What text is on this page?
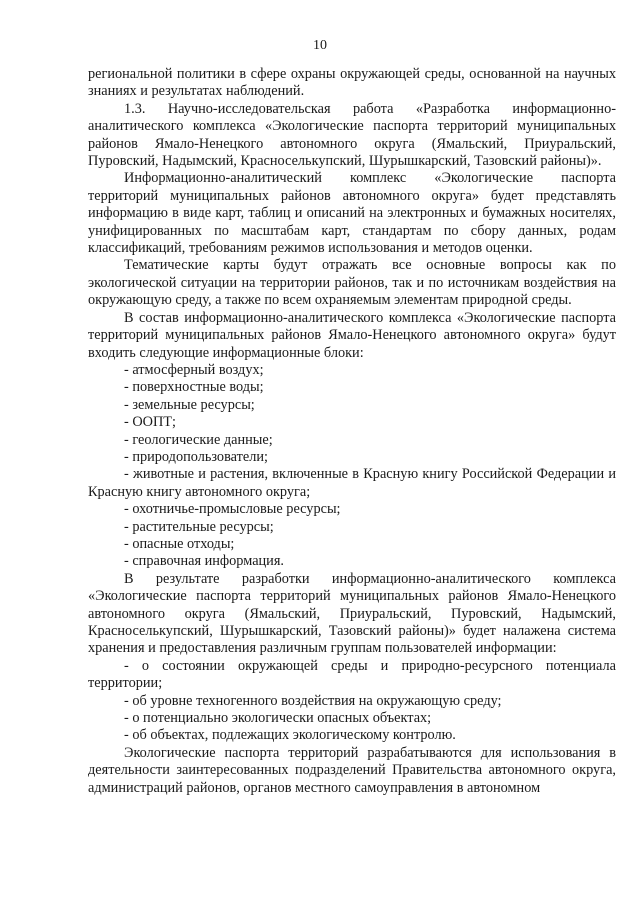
10

региональной политики в сфере охраны окружающей среды, основанной на научных знаниях и результатах наблюдений.

1.3. Научно-исследовательская работа «Разработка информационно-аналитического комплекса «Экологические паспорта территорий муниципальных районов Ямало-Ненецкого автономного округа (Ямальский, Приуральский, Пуровский, Надымский, Красноселькупский, Шурышкарский, Тазовский районы)».

Информационно-аналитический комплекс «Экологические паспорта территорий муниципальных районов автономного округа» будет представлять информацию в виде карт, таблиц и описаний на электронных и бумажных носителях, унифицированных по масштабам карт, стандартам по сбору данных, родам классификаций, требованиям режимов использования и методов оценки.

Тематические карты будут отражать все основные вопросы как по экологической ситуации на территории районов, так и по источникам воздействия на окружающую среду, а также по всем охраняемым элементам природной среды.

В состав информационно-аналитического комплекса «Экологические паспорта территорий муниципальных районов Ямало-Ненецкого автономного округа» будут входить следующие информационные блоки:

- атмосферный воздух;

- поверхностные воды;

- земельные ресурсы;

- ООПТ;

- геологические данные;

- природопользователи;

- животные и растения, включенные в Красную книгу Российской Федерации и Красную книгу автономного округа;

- охотничье-промысловые ресурсы;

- растительные ресурсы;

- опасные отходы;

- справочная информация.

В результате разработки информационно-аналитического комплекса «Экологические паспорта территорий муниципальных районов Ямало-Ненецкого автономного округа (Ямальский, Приуральский, Пуровский, Надымский, Красноселькупский, Шурышкарский, Тазовский районы)» будет налажена система хранения и предоставления различным группам пользователей информации:

- о состоянии окружающей среды и природно-ресурсного потенциала территории;

- об уровне техногенного воздействия на окружающую среду;

- о потенциально экологически опасных объектах;

- об объектах, подлежащих экологическому контролю.

Экологические паспорта территорий разрабатываются для использования в деятельности заинтересованных подразделений Правительства автономного округа, администраций районов, органов местного самоуправления в автономном
